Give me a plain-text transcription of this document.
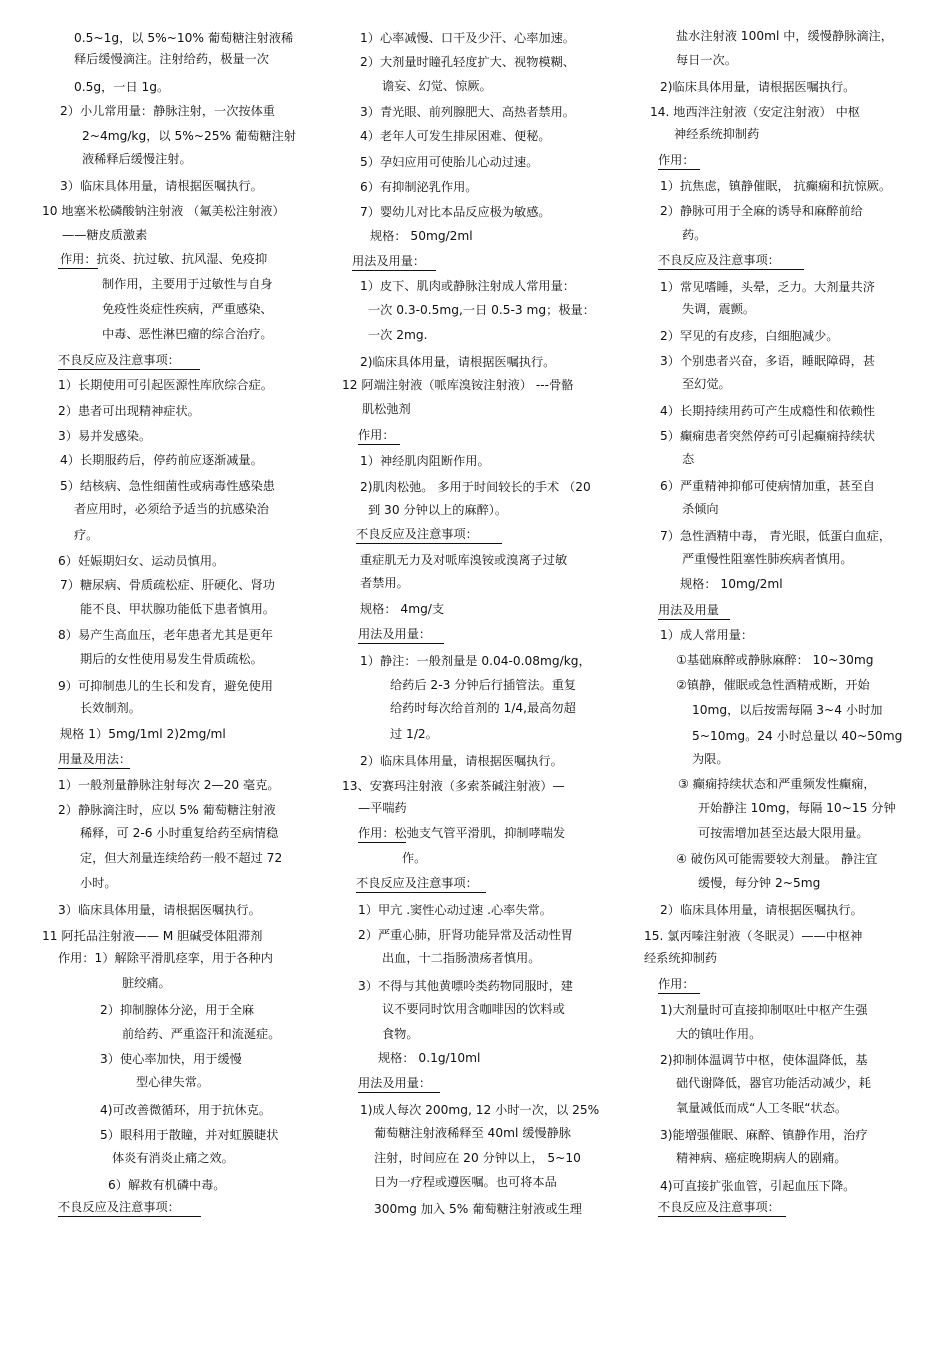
0.5~1g，以 5%~10% 葡萄糖注射液稀
释后缓慢滴注。注射给药，极量一次
0.5g，一日 1g。
2）小儿常用量：静脉注射，一次按体重
2~4mg/kg，以 5%~25% 葡萄糖注射
液稀释后缓慢注射。
3）临床具体用量，请根据医嘱执行。
10 地塞米松磷酸钠注射液 （氟美松注射液）
——糖皮质激素
作用：抗炎、抗过敏、抗风湿、免疫抑
制作用，主要用于过敏性与自身
免疫性炎症性疾病，严重感染、
中毒、恶性淋巴瘤的综合治疗。
不良反应及注意事项：
1）长期使用可引起医源性库欣综合症。
2）患者可出现精神症状。
3）易并发感染。
4）长期服药后，停药前应逐渐减量。
5）结核病、急性细菌性或病毒性感染患
者应用时，必须给予适当的抗感染治
疗。
6）妊娠期妇女、运动员慎用。
7）糖尿病、骨质疏松症、肝硬化、肾功
能不良、甲状腺功能低下患者慎用。
8）易产生高血压，老年患者尤其是更年
期后的女性使用易发生骨质疏松。
9）可抑制患儿的生长和发育，避免使用
长效制剂。
规格 1）5mg/1ml 2)2mg/ml
用量及用法：
1）一般剂量静脉注射每次 2—20 毫克。
2）静脉滴注时，应以 5% 葡萄糖注射液
稀释，可 2-6 小时重复给药至病情稳
定，但大剂量连续给药一般不超过 72
小时。
3）临床具体用量，请根据医嘱执行。
11 阿托品注射液—— M 胆碱受体阻滞剂
作用：1）解除平滑肌痉挛，用于各种内
脏绞痛。
2）抑制腺体分泌，用于全麻
前给药、严重盗汗和流涎症。
3）使心率加快，用于缓慢
型心律失常。
4)可改善微循环，用于抗休克。
5）眼科用于散瞳，并对虹膜睫状
体炎有消炎止痛之效。
6）解救有机磷中毒。
不良反应及注意事项：
1）心率减慢、口干及少汗、心率加速。
2）大剂量时瞳孔轻度扩大、视物模糊、
谵妄、幻觉、惊厥。
3）青光眼、前列腺肥大、高热者禁用。
4）老年人可发生排尿困难、便秘。
5）孕妇应用可使胎儿心动过速。
6）有抑制泌乳作用。
7）婴幼儿对比本品反应极为敏感。
规格： 50mg/2ml
用法及用量：
1）皮下、肌肉或静脉注射成人常用量：
一次 0.3-0.5mg,一日 0.5-3 mg；极量：
一次 2mg.
2)临床具体用量，请根据医嘱执行。
12 阿端注射液（哌库溴铵注射液） ---骨骼
肌松弛剂
作用：
1）神经肌肉阻断作用。
2)肌肉松弛。 多用于时间较长的手术 （20
到 30 分钟以上的麻醉）。
不良反应及注意事项：
重症肌无力及对哌库溴铵或溴离子过敏
者禁用。
规格： 4mg/支
用法及用量：
1）静注：一般剂量是 0.04-0.08mg/kg，
给药后 2-3 分钟后行插管法。重复
给药时每次给首剂的 1/4,最高勿超
过 1/2。
2）临床具体用量，请根据医嘱执行。
13、安赛玛注射液（多索茶碱注射液）—
—平喘药
作用：松弛支气管平滑肌，抑制哮喘发
作。
不良反应及注意事项：
1）甲亢 .窦性心动过速 .心率失常。
2）严重心肺，肝肾功能异常及活动性胃
出血，十二指肠溃疡者慎用。
3）不得与其他黄嘌呤类药物同服时，建
议不要同时饮用含咖啡因的饮料或
食物。
规格： 0.1g/10ml
用法及用量：
1)成人每次 200mg, 12 小时一次，以 25%
葡萄糖注射液稀释至 40ml 缓慢静脉
注射，时间应在 20 分钟以上， 5~10
日为一疗程或遵医嘱。也可将本品
300mg 加入 5% 葡萄糖注射液或生理
盐水注射液 100ml 中，缓慢静脉滴注，
每日一次。
2)临床具体用量，请根据医嘱执行。
14. 地西泮注射液（安定注射液） 中枢
神经系统抑制药
作用：
1）抗焦虑，镇静催眠， 抗癫痫和抗惊厥。
2）静脉可用于全麻的诱导和麻醉前给
药。
不良反应及注意事项：
1）常见嗜睡，头晕，乏力。大剂量共济
失调，震颤。
2）罕见的有皮疹，白细胞减少。
3）个别患者兴奋，多语，睡眠障碍，甚
至幻觉。
4）长期持续用药可产生成瘾性和依赖性
5）癫痫患者突然停药可引起癫痫持续状
态
6）严重精神抑郁可使病情加重，甚至自
杀倾向
7）急性酒精中毒， 青光眼，低蛋白血症，
严重慢性阻塞性肺疾病者慎用。
规格： 10mg/2ml
用法及用量
1）成人常用量：
①基础麻醉或静脉麻醉： 10~30mg
②镇静，催眠或急性酒精戒断，开始
10mg，以后按需每隔 3~4 小时加
5~10mg。24 小时总量以 40~50mg
为限。
③ 癫痫持续状态和严重频发性癫痫，
开始静注 10mg，每隔 10~15 分钟
可按需增加甚至达最大限用量。
④ 破伤风可能需要较大剂量。 静注宜
缓慢，每分钟 2~5mg
2）临床具体用量，请根据医嘱执行。
15. 氯丙嗪注射液（冬眠灵）——中枢神
经系统抑制药
作用：
1)大剂量时可直接抑制呕吐中枢产生强
大的镇吐作用。
2)抑制体温调节中枢，使体温降低，基
础代谢降低，器官功能活动减少，耗
氧量减低而成“人工冬眠“状态。
3)能增强催眠、麻醉、镇静作用，治疗
精神病、癌症晚期病人的剧痛。
4)可直接扩张血管，引起血压下降。
不良反应及注意事项：
